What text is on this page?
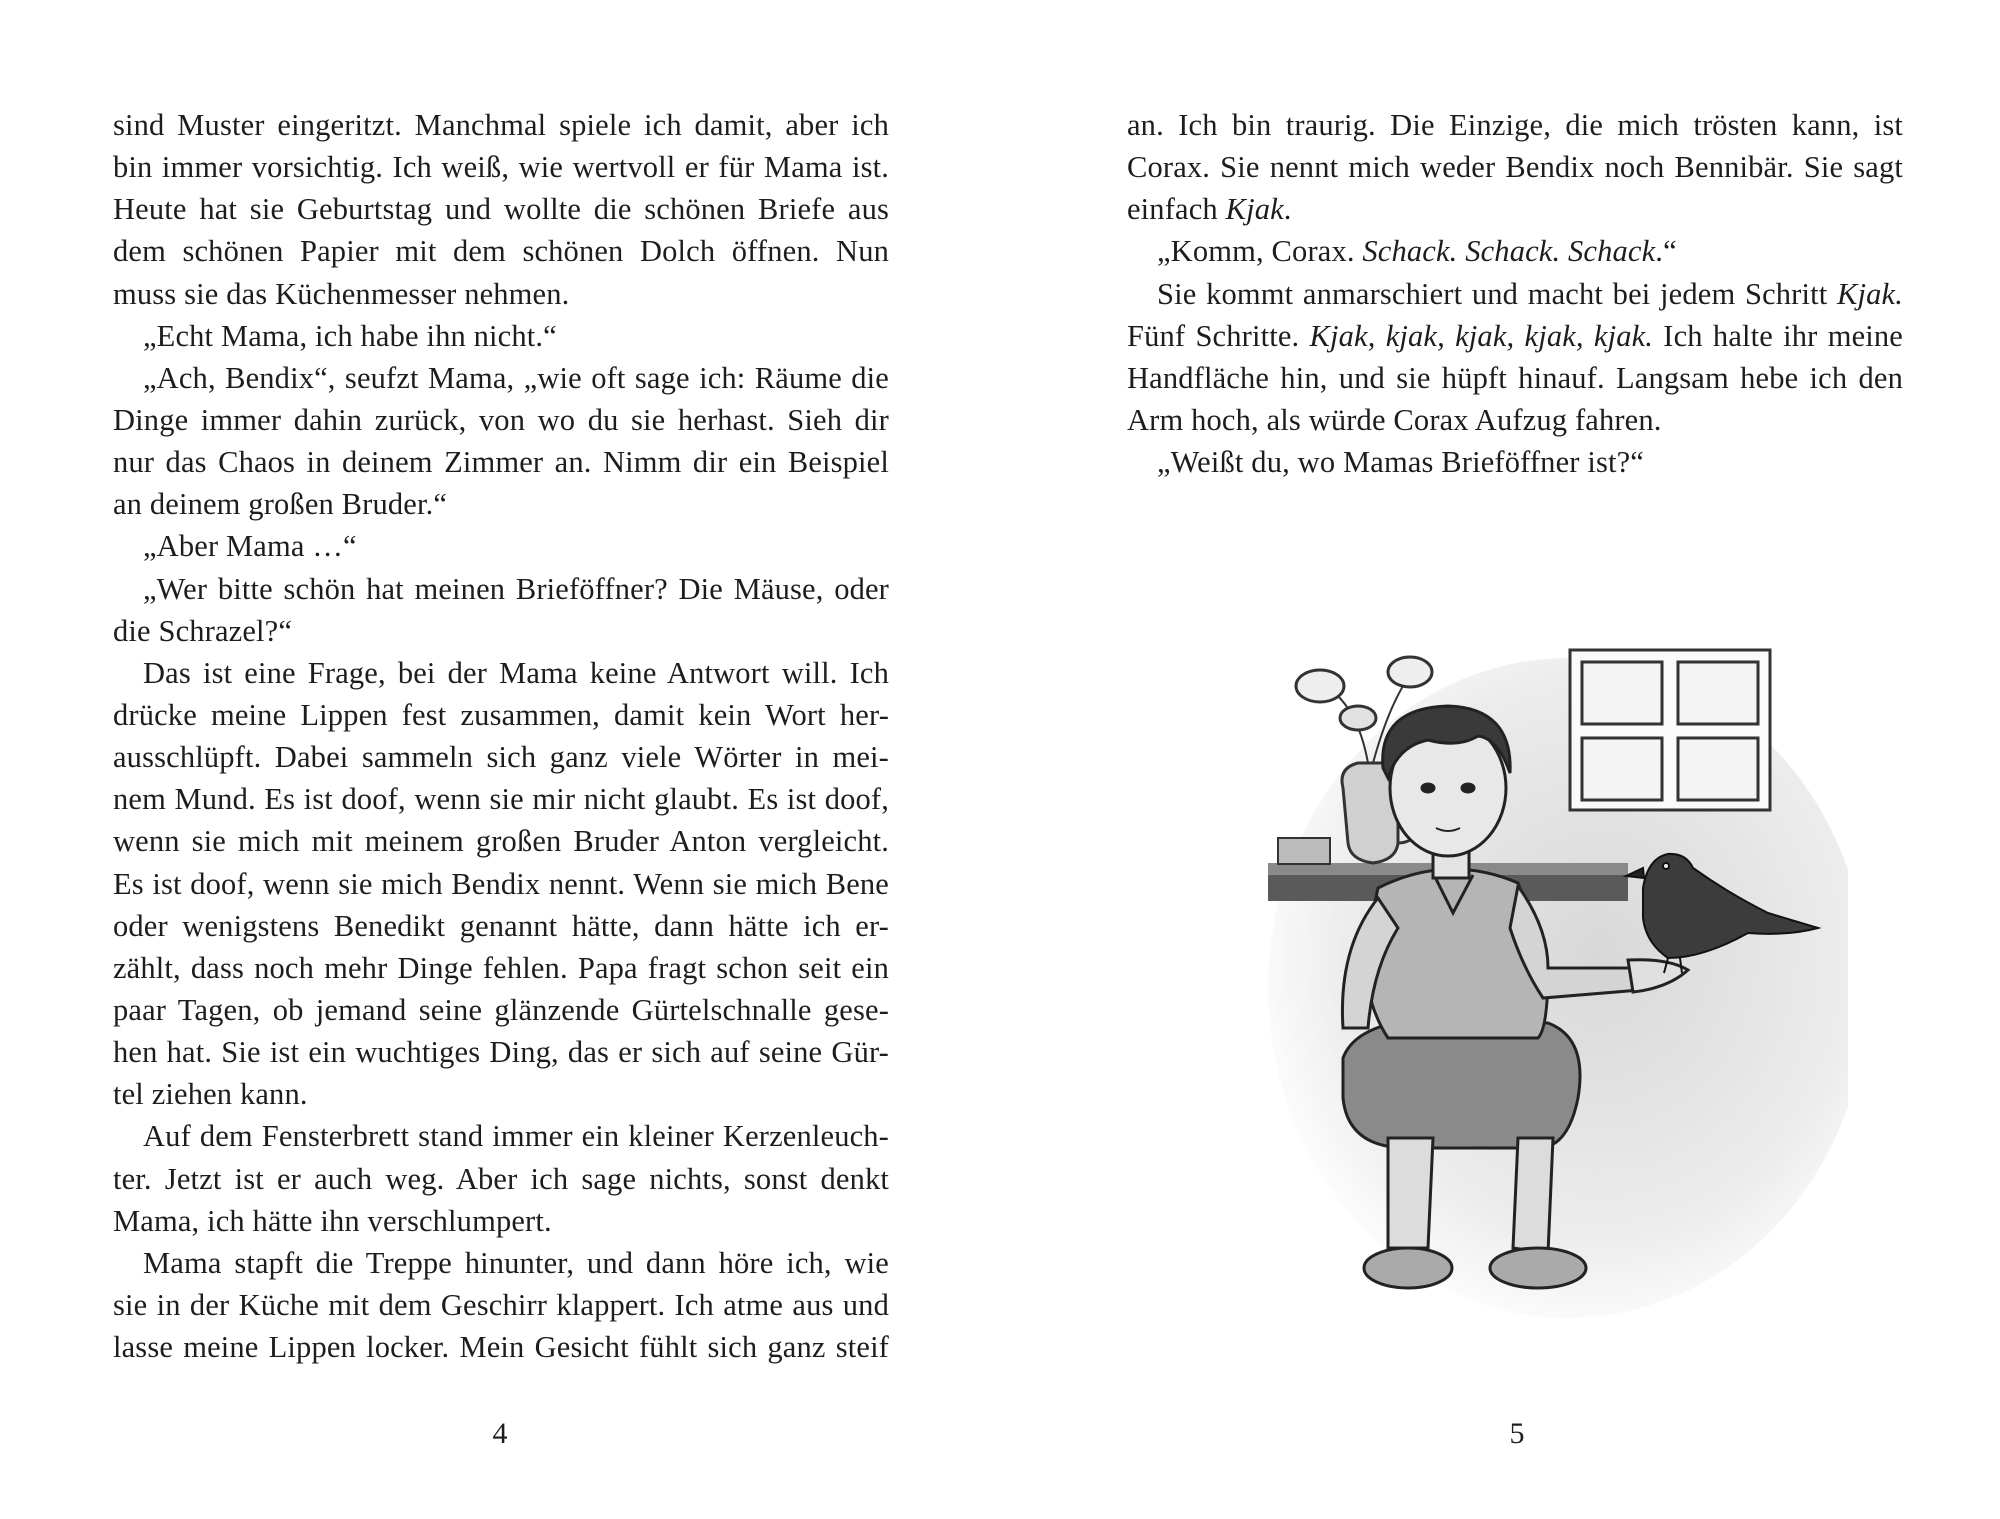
sind Muster eingeritzt. Manchmal spiele ich damit, aber ich
bin immer vorsichtig. Ich weiß, wie wertvoll er für Mama ist.
Heute hat sie Geburtstag und wollte die schönen Briefe aus
dem schönen Papier mit dem schönen Dolch öffnen. Nun
muss sie das Küchenmesser nehmen.
„Echt Mama, ich habe ihn nicht.“
„Ach, Bendix“, seufzt Mama, „wie oft sage ich: Räume die
Dinge immer dahin zurück, von wo du sie herhast. Sieh dir
nur das Chaos in deinem Zimmer an. Nimm dir ein Beispiel
an deinem großen Bruder.“
„Aber Mama …“
„Wer bitte schön hat meinen Brieföffner? Die Mäuse, oder
die Schrazel?“
Das ist eine Frage, bei der Mama keine Antwort will. Ich
drücke meine Lippen fest zusammen, damit kein Wort her-
ausschlüpft. Dabei sammeln sich ganz viele Wörter in mei-
nem Mund. Es ist doof, wenn sie mir nicht glaubt. Es ist doof,
wenn sie mich mit meinem großen Bruder Anton vergleicht.
Es ist doof, wenn sie mich Bendix nennt. Wenn sie mich Bene
oder wenigstens Benedikt genannt hätte, dann hätte ich er-
zählt, dass noch mehr Dinge fehlen. Papa fragt schon seit ein
paar Tagen, ob jemand seine glänzende Gürtelschnalle gese-
hen hat. Sie ist ein wuchtiges Ding, das er sich auf seine Gür-
tel ziehen kann.
Auf dem Fensterbrett stand immer ein kleiner Kerzenleuch-
ter. Jetzt ist er auch weg. Aber ich sage nichts, sonst denkt
Mama, ich hätte ihn verschlumpert.
Mama stapft die Treppe hinunter, und dann höre ich, wie
sie in der Küche mit dem Geschirr klappert. Ich atme aus und
lasse meine Lippen locker. Mein Gesicht fühlt sich ganz steif
4
an. Ich bin traurig. Die Einzige, die mich trösten kann, ist
Corax. Sie nennt mich weder Bendix noch Bennibär. Sie sagt
einfach Kjak.
„Komm, Corax. Schack. Schack. Schack.“
Sie kommt anmarschiert und macht bei jedem Schritt Kjak.
Fünf Schritte. Kjak, kjak, kjak, kjak, kjak. Ich halte ihr meine
Handfläche hin, und sie hüpft hinauf. Langsam hebe ich den
Arm hoch, als würde Corax Aufzug fahren.
„Weißt du, wo Mamas Brieföffner ist?“
5
